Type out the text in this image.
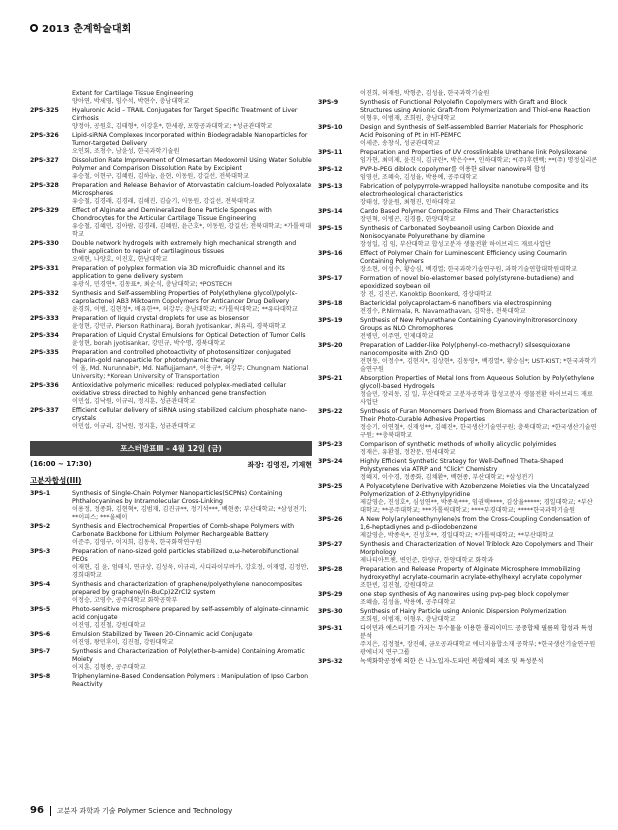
2013 춘계학술대회
Extent for Cartilage Tissue Engineering
양아연, 박세영, 임수석, 박현수, 충남대학교
2PS-325	Hyaluronic Acid – TRAIL Conjugates for Target Specific Treatment of Liver Cirrhosis
양정아, 공원호, 김태형*, 이강훈*, 한세광, 포항공과대학교; *성균관대학교
2PS-326	Lipid-siRNA Complexes Incorporated within Biodegradable Nanoparticles for Tumor-targeted Delivery
오인회, 조청수, 남윤성, 한국과학기술원
2PS-327	Dissolution Rate Improvement of Olmesartan Medoxomil Using Water Soluble Polymer and Comparison Dissolution Rate by Excipient
유승철, 이현구, 김혜원, 김하늘, 윤현, 이동원, 강길선, 전북대학교
2PS-328	Preparation and Release Behavior of Atorvastatin calcium-loaded Polyoxalate Microspheres
유승철, 김경래, 김경래, 김해진, 김슬기, 이동원, 강길선, 전북대학교
2PS-329	Effect of Alginate and Demineralized Bone Particle Sponges with Chondrocytes for the Articular Cartilage Tissue Engineering
유승철, 김혜민, 김아람, 김경래, 김혜원, 윤근호*, 이동원, 강길선; 전북대학교; *가톨릭대학교
2PS-330	Double network hydrogels with extremely high mechanical strength and their application to repair of cartilaginous tissues
오예현, 나양호, 이진호, 한남대학교
2PS-331	Preparation of polyplex formation via 3D microfluidic channel and its application to gene delivery system
유광식, 민경연*, 김동표*, 최순식, 충남대학교; *POSTECH
2PS-332	Synthesis and Self-assembling Properties of Poly(ethylene glycol)/poly(ε-caprolactone) AB3 Miktoarm Copolymers for Anticancer Drug Delivery
윤경희, 이범, 김현정*, 배유한**, 허강무; 충남대학교; *가톨릭대학교; **유타대학교
2PS-333	Preparation of liquid crystal droplets for use as biosensor
윤성현, 강민규, Pierson Rathinaraj, Borah Jyotisankar, 최유리, 경북대학교
2PS-334	Preparation of Liquid Crystal Emulsions for Optical Detection of Tumor Cells
윤성현, borah jyotisankar, 강민규, 박수명, 경북대학교
2PS-335	Preparation and controlled photoactivity of photosensitizer conjugated heparin-gold nanoparticle for photodynamic therapy
이 율, Md. Nurunnabi*, Md. Nafiujjaman*, 이용규*, 허강무; Chungnam National University; *Korean University of Transportation
2PS-336	Antioxidative polymeric micelles: reduced polyplex-mediated cellular oxidative stress directed to highly enhanced gene transfection
이민섭, 김낙원, 이규리, 정지훈, 성균관대학교
2PS-337	Efficient cellular delivery of siRNA using stabilized calcium phosphate nano-crystals
이민섭, 이규리, 김낙원, 정지훈, 성균관대학교
포스터발표Ⅲ – 4월 12일 (금)
(16:00 ~ 17:30)	좌장: 김영진, 기재현
고분자합성(III)
3PS-1	Synthesis of Single-Chain Polymer Nanoparticles(SCPNs) Containing Phthalocyanines by Intramolecular Cross-Linking
이용정, 정종화, 김현혁*, 김범재, 김진규**, 정기석***, 백현종; 부산대학교; *삼성전기; **이피스; ***울쎄이
3PS-2	Synthesis and Electrochemical Properties of Comb-shape Polymers with Carbonate Backbone for Lithium Polymer Rechargeable Battery
이준주, 김영구, 이지희, 김동욱, 한국화학연구원
3PS-3	Preparation of nano-sized gold particles stabilized α,ω-heterobifunctional PEOs
이재현, 김 윤, 엄태식, 연규상, 김성욱, 이규리, 시디라이부바카, 강호정, 이재열, 김정안, 경희대학교
3PS-4	Synthesis and characterization of graphene/polyethylene nanocomposites prepared by graphene/(n-BuCp)2ZrCl2 system
이정승, 고영수, 공주대학교 화학공학부
3PS-5	Photo-sensitive microsphere prepared by self-assembly of alginate-cinnamic acid conjugate
이진영, 김진철, 강원대학교
3PS-6	Emulsion Stabilized by Tween 20-Cinnamic acid Conjugate
이진영, 왕민후이, 김진철, 강원대학교
3PS-7	Synthesis and Characterization of Poly(ether-b-amide) Containing Aromatic Moiety
이지훈, 김형종, 공주대학교
3PS-8	Triphenylamine-Based Condensation Polymers : Manipulation of Ipso Carbon Reactivity
이진희, 허재원, 박형준, 김성율, 한국과학기술원
3PS-9	Synthesis of Functional Polyolefin Copolymers with Graft and Block Structures using Anionic Graft-from Polymerization and Thiol-ene Reaction
이형우, 이범재, 조희원, 충남대학교
3PS-10	Design and Synthesis of Self-assembled Barrier Materials for Phosphoric Acid Poisoning of Pt in HT-PEMFC
이세준, 송창식, 성균관대학교
3PS-11	Preparation and Properties of UV crosslinkable Urethane link Polysiloxane
임가현, 최미제, 윤진식, 김규린*, 박은수**, 인하대학교; *(주)후렌벡; **(주) 명정실리콘
3PS-12	PVP-b-PEG diblock copolymer를 이용한 silver nanowire의 합성
임영선, 조혜숙, 김성율, 박용예, 공주대학교
3PS-13	Fabrication of polypyrrole-wrapped halloysite nanotube composite and its electrorheological characteristics
장태성, 장윤원, 최형진, 인하대학교
3PS-14	Cardo Based Polymer Composite Films and Their Characteristics
장민혁, 이병곤, 김경률, 한양대학교
3PS-15	Synthesis of Carbonated Soybeanoil using Carbon Dioxide and Nonisocyanate Polyurethane by diamine
장성일, 김 임, 부산대학교 합성고분자 생물전환 하이브리드 재료사업단
3PS-16	Effect of Polymer Chain for Luminescent Efficiency using Coumarin Containing Polymers
장소현, 이성수, 황승심, 백경열; 한국과학기술연구원, 과학기술연합대학원대학교
3PS-17	Formation of novel bio-elastomer based poly(styrene-butadiene) and epoxidized soybean oil
장 진, 김진곤, Kanoktip Boonkerd, 경상대학교
3PS-18	Bactericidal polycaprolactam-6 nanofibers via electrospinning
전경수, P.Nirmala, R. Navamathavan, 김학용, 전북대학교
3PS-19	Synthesis of New Polyurethane Containing Cyanovinylnitroresorcinoxy Groups as NLO Chromophores
전병민, 이주연, 인제대학교
3PS-20	Preparation of Ladder-like Poly(phenyl-co-methacryl) silsesquioxane nanocomposite with ZnO QD
전현동, 이정수*, 김현지*, 김상현*, 김동영*, 백경열*, 황승심*; UST-KIST; *한국과학기술연구원
3PS-21	Absorption Properties of Metal Ions from Aqueous Solution by Poly(ethylene glycol)-based Hydrogels
정슬민, 장리동, 김 일, 부산대학교 고분자공학과 합성고분자 생물전환 하이브리드 재료 사업단
3PS-22	Synthesis of Furan Monomers Derived from Biomass and Characterization of Their Photo-Curable Adhesive Properties
정승기, 이연철*, 신재성**, 김혜진*, 한국생산기술연구원; 충북대학교; *한국생산기술연구원; **충북대학교
3PS-23	Comparison of synthetic methods of wholly alicyclic polyimides
정재은, 유환철, 정찬문, 연세대학교
3PS-24	Highly Efficient Synthetic Strategy for Well-Defined Theta-Shaped Polystyrenes via ATRP and "Click" Chemistry
정혜지, 이수경, 정종화, 김채환*, 백현종, 부산대학교; *삼성전기
3PS-25	A Polyacetylene Derivative with Azobenzene Moieties via the Uncatalyzed Polymerization of 2-Ethynylpyridine
제갈영순, 진성호*, 심성연**, 박종욱***, 임권택****, 김상율*****; 경일대학교; *부산대학교; **공주대학교; ***가톨릭대학교; ****부경대학교; *****한국과학기술원
3PS-26	A New Poly(aryleneethynylene)s from the Cross-Coupling Condensation of 1,6-heptadiynes and p-diiodobenzene
제갈영순, 박종욱*, 진성호**, 경일대학교; *가톨릭대학교; **부산대학교
3PS-27	Synthesis and Characterization of Novel Triblock Azo Copolymers and Their Morphology
제나티아트첸, 변인준, 한양규, 한양대학교 화학과
3PS-28	Preparation and Release Property of Alginate Microsphere Immobilizing hydroxyethyl acrylate-coumarin acrylate-ethylhexyl acrylate copolymer
조한빈, 김진철, 강원대학교
3PS-29	one step synthesis of Ag nanowires using pvp-peg block copolymer
조혜솔, 김성율, 박용예, 공주대학교
3PS-30	Synthesis of Hairy Particle using Anionic Dispersion Polymerization
조희원, 이범재, 이형우, 충남대학교
3PS-31	디이민과 에스터기를 가지는 두수물을 이용한 폴리이미드 공중합체 필름의 합성과 특성 분석
주지은, 김정철*, 장진해, 금오공과대학교 에너지융합소재 공학부; *한국생산기술연구원 광에너지 연구그룹
3PS-32	녹색화학공정에 의한 은 나노입자-도파민 복합체의 제조 및 특성분석
96 고분자 과학과 기술 Polymer Science and Technology
